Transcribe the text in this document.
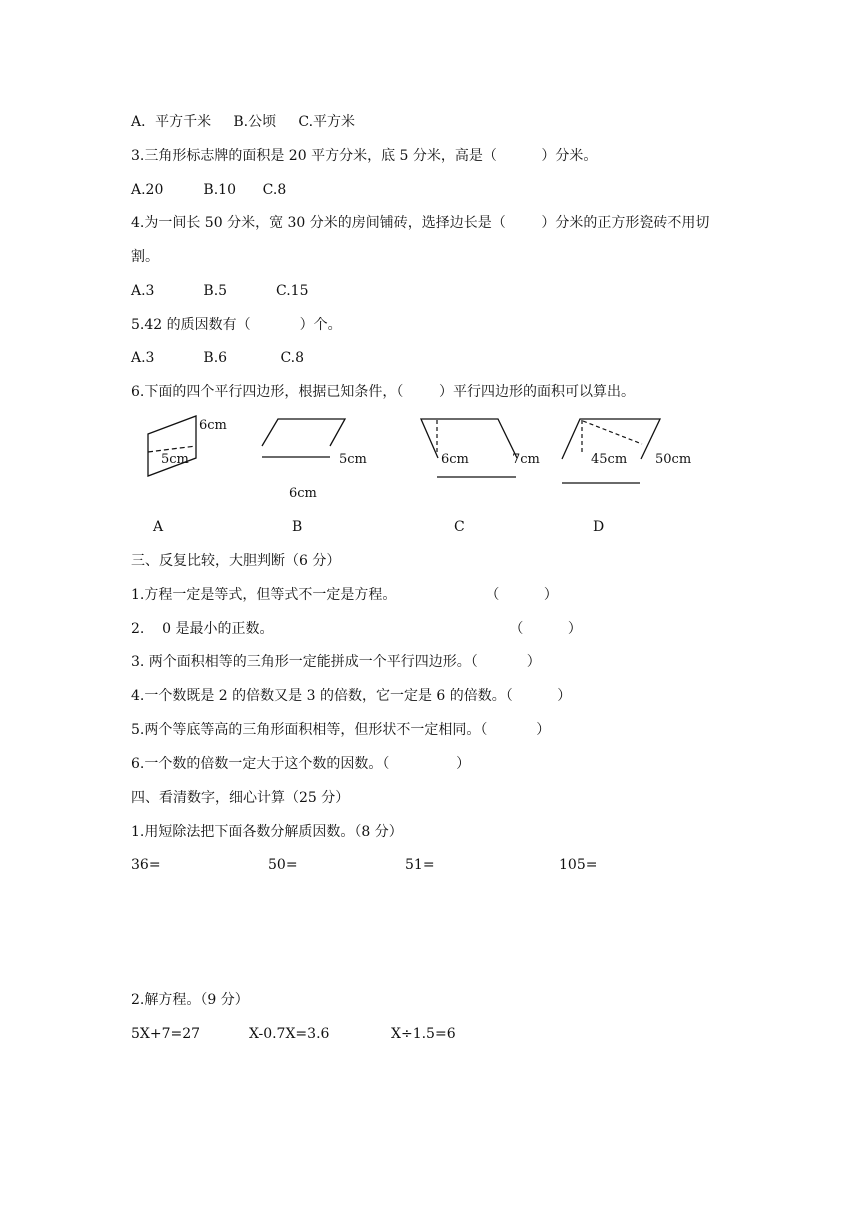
A．平方千米     B.公顷     C.平方米
3.三角形标志牌的面积是 20 平方分米，底 5 分米，高是（          ）分米。
A.20         B.10      C.8
4.为一间长 50 分米，宽 30 分米的房间铺砖，选择边长是（        ）分米的正方形瓷砖不用切
割。
A.3           B.5           C.15
5.42 的质因数有（           ）个。
A.3           B.6            C.8
6.下面的四个平行四边形，根据已知条件，（        ）平行四边形的面积可以算出。
6cm
5cm	5cm
6cm
6cm	7cm	45cm 50cm
A	B	C	D
三、反复比较，大胆判断（6 分）
1.方程一定是等式，但等式不一定是方程。                    （          ）
2.    0 是最小的正数。                                                     （          ）
3. 两个面积相等的三角形一定能拼成一个平行四边形。（           ）
4.一个数既是 2 的倍数又是 3 的倍数，它一定是 6 的倍数。（          ）
5.两个等底等高的三角形面积相等，但形状不一定相同。（           ）
6.一个数的倍数一定大于这个数的因数。（               ）
四、看清数字，细心计算（25 分）
1.用短除法把下面各数分解质因数。（8 分）
36=	50=	51=	105=
2.解方程。（9 分）
5X+7=27	X-0.7X=3.6	X÷1.5=6
